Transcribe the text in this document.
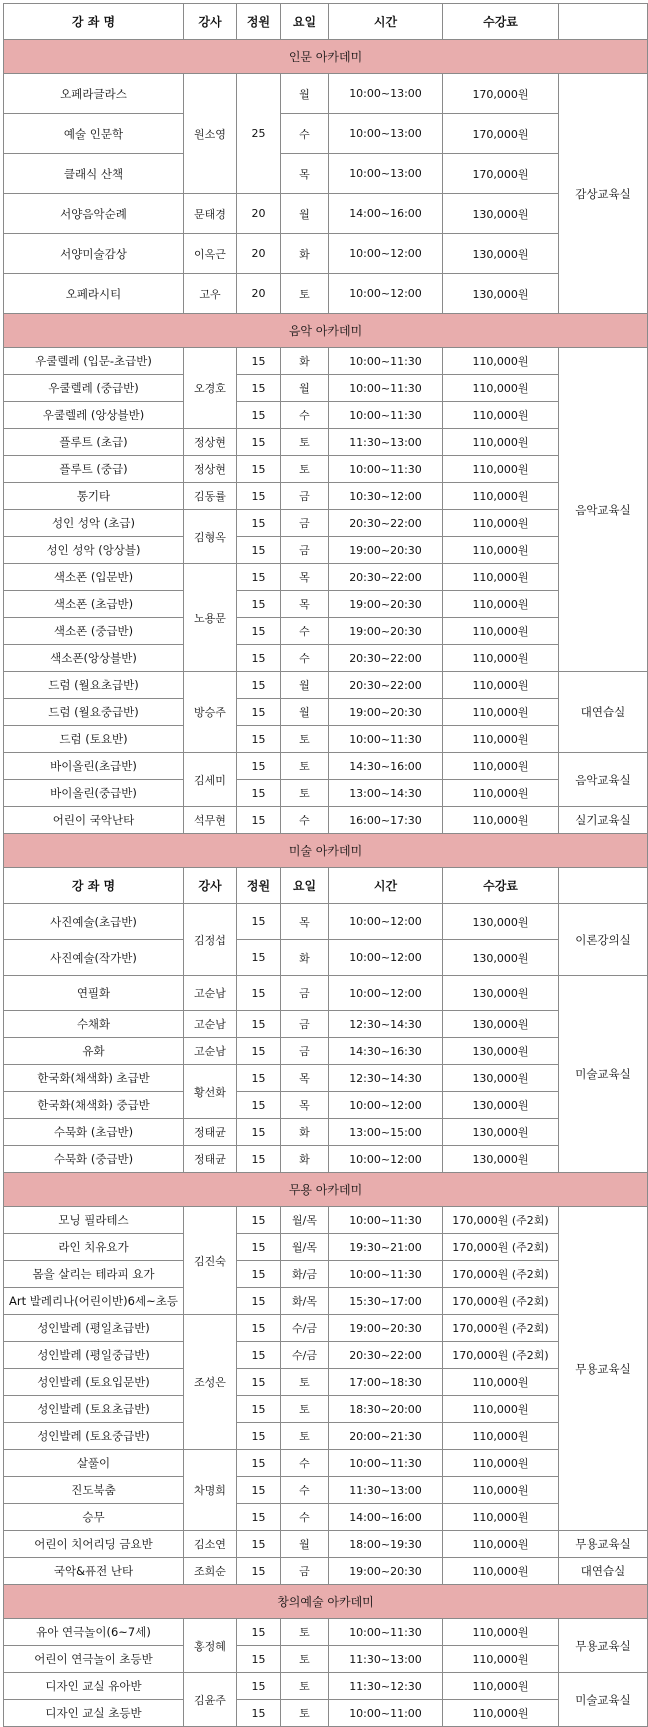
강 좌 명	강사	정원	요일	시간	수강료	
인문 아카데미						
오페라글라스	원소영	25	월	10:00~13:00	170,000원	감상교육실
예술 인문학			수	10:00~13:00	170,000원	
클래식 산책			목	10:00~13:00	170,000원	
서양음악순례	문태경	20	월	14:00~16:00	130,000원	
서양미술감상	이옥근	20	화	10:00~12:00	130,000원	
오페라시티	고우	20	토	10:00~12:00	130,000원	
음악 아카데미						
우쿨렐레 (입문-초급반)	오경호	15	화	10:00~11:30	110,000원	음악교육실
우쿨렐레 (중급반)		15	월	10:00~11:30	110,000원	
우쿨렐레 (앙상블반)		15	수	10:00~11:30	110,000원	
플루트 (초급)	정상현	15	토	11:30~13:00	110,000원	
플루트 (중급)	정상현	15	토	10:00~11:30	110,000원	
통기타	김동률	15	금	10:30~12:00	110,000원	
성인 성악 (초급)	김형옥	15	금	20:30~22:00	110,000원	
성인 성악 (앙상블)		15	금	19:00~20:30	110,000원	
색소폰 (입문반)	노용문	15	목	20:30~22:00	110,000원	
색소폰 (초급반)		15	목	19:00~20:30	110,000원	
색소폰 (중급반)		15	수	19:00~20:30	110,000원	
색소폰(앙상블반)		15	수	20:30~22:00	110,000원	
드럼 (월요초급반)	방승주	15	월	20:30~22:00	110,000원	대연습실
드럼 (월요중급반)		15	월	19:00~20:30	110,000원	
드럼 (토요반)		15	토	10:00~11:30	110,000원	
바이올린(초급반)	김세미	15	토	14:30~16:00	110,000원	음악교육실
바이올린(중급반)		15	토	13:00~14:30	110,000원	
어린이 국악난타	석무현	15	수	16:00~17:30	110,000원	실기교육실
미술 아카데미						
강 좌 명	강사	정원	요일	시간	수강료	
사진예술(초급반)	김정섭	15	목	10:00~12:00	130,000원	이론강의실
사진예술(작가반)		15	화	10:00~12:00	130,000원	
연필화	고순남	15	금	10:00~12:00	130,000원	미술교육실
수채화	고순남	15	금	12:30~14:30	130,000원	
유화	고순남	15	금	14:30~16:30	130,000원	
한국화(채색화) 초급반	황선화	15	목	12:30~14:30	130,000원	
한국화(채색화) 중급반		15	목	10:00~12:00	130,000원	
수묵화 (초급반)	정태균	15	화	13:00~15:00	130,000원	
수묵화 (중급반)	정태균	15	화	10:00~12:00	130,000원	
무용 아카데미						
모닝 필라테스	김진숙	15	월/목	10:00~11:30	170,000원 (주2회)	무용교육실
라인 치유요가		15	월/목	19:30~21:00	170,000원 (주2회)	
몸을 살리는 테라피 요가		15	화/금	10:00~11:30	170,000원 (주2회)	
Art 발레리나(어린이반)6세~초등		15	화/목	15:30~17:00	170,000원 (주2회)	
성인발레 (평일초급반)	조성은	15	수/금	19:00~20:30	170,000원 (주2회)	
성인발레 (평일중급반)		15	수/금	20:30~22:00	170,000원 (주2회)	
성인발레 (토요입문반)		15	토	17:00~18:30	110,000원	
성인발레 (토요초급반)		15	토	18:30~20:00	110,000원	
성인발레 (토요중급반)		15	토	20:00~21:30	110,000원	
살풀이	차명희	15	수	10:00~11:30	110,000원	
진도북춤		15	수	11:30~13:00	110,000원	
승무		15	수	14:00~16:00	110,000원	
어린이 치어리딩 금요반	김소연	15	월	18:00~19:30	110,000원	무용교육실
국악&퓨전 난타	조희순	15	금	19:00~20:30	110,000원	대연습실
창의예술 아카데미						
유아 연극놀이(6~7세)	홍정혜	15	토	10:00~11:30	110,000원	무용교육실
어린이 연극놀이 초등반		15	토	11:30~13:00	110,000원	
디자인 교실 유아반	김윤주	15	토	11:30~12:30	110,000원	미술교육실
디자인 교실 초등반		15	토	10:00~11:00	110,000원	
